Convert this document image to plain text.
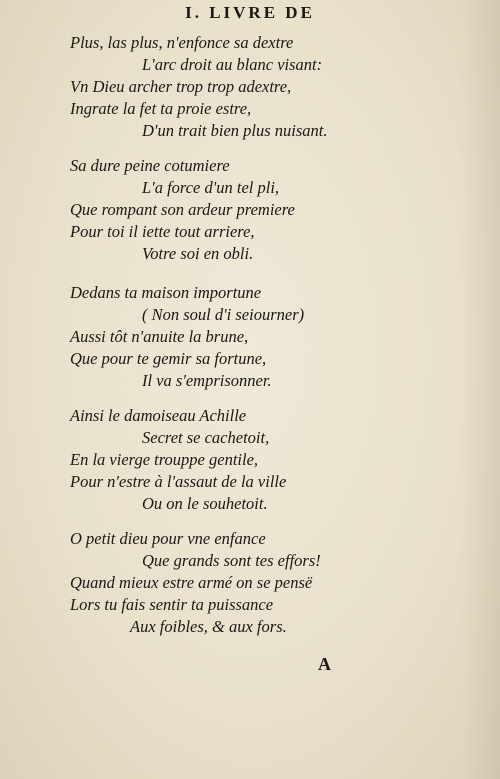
I. LIVRE DE
Plus, las plus, n'enfonce sa dextre
L'arc droit au blanc visant:
Vn Dieu archer trop trop adextre,
Ingrate la fet ta proie estre,
D'un trait bien plus nuisant.
Sa dure peine cotumiere
L'a force d'un tel pli,
Que rompant son ardeur premiere
Pour toi il iette tout arriere,
Votre soi en obli.
Dedans ta maison importune
( Non soul d'i seiourner)
Aussi tôt n'anuite la brune,
Que pour te gemir sa fortune,
Il va s'emprisonner.
Ainsi le damoiseau Achille
Secret se cachetoit,
En la vierge trouppe gentile,
Pour n'estre à l'assaut de la ville
Ou on le souhetoit.
O petit dieu pour vne enfance
Que grands sont tes effors!
Quand mieux estre armé on se pensë
Lors tu fais sentir ta puissance
Aux foibles, & aux fors.
A
